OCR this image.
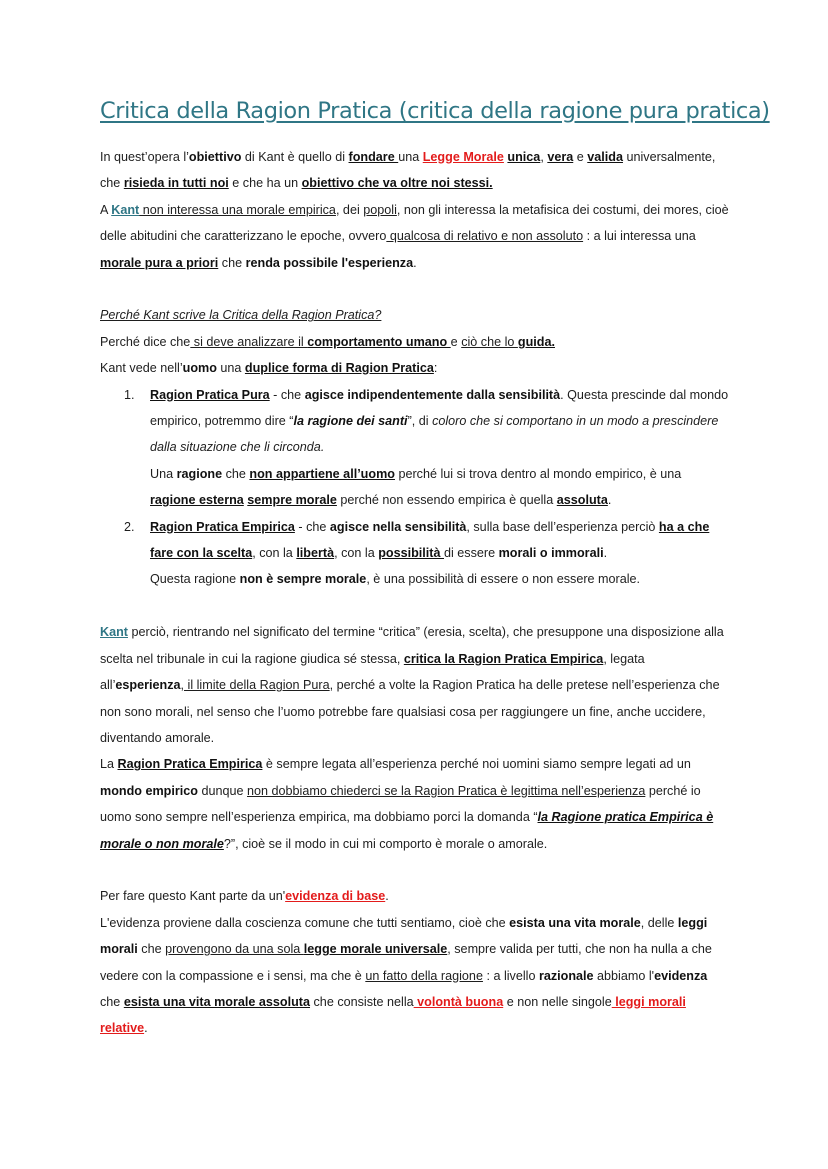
Critica della Ragion Pratica (critica della ragione pura pratica)

In quest’opera l’obiettivo di Kant è quello di fondare una Legge Morale unica, vera e valida universalmente, che risieda in tutti noi e che ha un obiettivo che va oltre noi stessi.

A Kant non interessa una morale empirica, dei popoli, non gli interessa la metafisica dei costumi, dei mores, cioè delle abitudini che caratterizzano le epoche, ovvero qualcosa di relativo e non assoluto : a lui interessa una morale pura a priori che renda possibile l'esperienza.

Perché Kant scrive la Critica della Ragion Pratica?

Perché dice che si deve analizzare il comportamento umano e ciò che lo guida.

Kant vede nell’uomo una duplice forma di Ragion Pratica:

1. Ragion Pratica Pura - che agisce indipendentemente dalla sensibilità. Questa prescinde dal mondo empirico, potremmo dire “la ragione dei santi”, di coloro che si comportano in un modo a prescindere dalla situazione che li circonda.

Una ragione che non appartiene all’uomo perché lui si trova dentro al mondo empirico, è una ragione esterna sempre morale perché non essendo empirica è quella assoluta.

2. Ragion Pratica Empirica - che agisce nella sensibilità, sulla base dell’esperienza perciò ha a che fare con la scelta, con la libertà, con la possibilità di essere morali o immorali.

Questa ragione non è sempre morale, è una possibilità di essere o non essere morale.

Kant perciò, rientrando nel significato del termine “critica” (eresia, scelta), che presuppone una disposizione alla scelta nel tribunale in cui la ragione giudica sé stessa, critica la Ragion Pratica Empirica, legata all’esperienza, il limite della Ragion Pura, perché a volte la Ragion Pratica ha delle pretese nell’esperienza che non sono morali, nel senso che l’uomo potrebbe fare qualsiasi cosa per raggiungere un fine, anche uccidere, diventando amorale.

La Ragion Pratica Empirica è sempre legata all’esperienza perché noi uomini siamo sempre legati ad un mondo empirico dunque non dobbiamo chiederci se la Ragion Pratica è legittima nell’esperienza perché io uomo sono sempre nell’esperienza empirica, ma dobbiamo porci la domanda “la Ragione pratica Empirica è morale o non morale?”, cioè se il modo in cui mi comporto è morale o amorale.

Per fare questo Kant parte da un'evidenza di base.

L'evidenza proviene dalla coscienza comune che tutti sentiamo, cioè che esista una vita morale, delle leggi morali che provengono da una sola legge morale universale, sempre valida per tutti, che non ha nulla a che vedere con la compassione e i sensi, ma che è un fatto della ragione : a livello razionale abbiamo l'evidenza che esista una vita morale assoluta che consiste nella volontà buona e non nelle singole leggi morali relative.
